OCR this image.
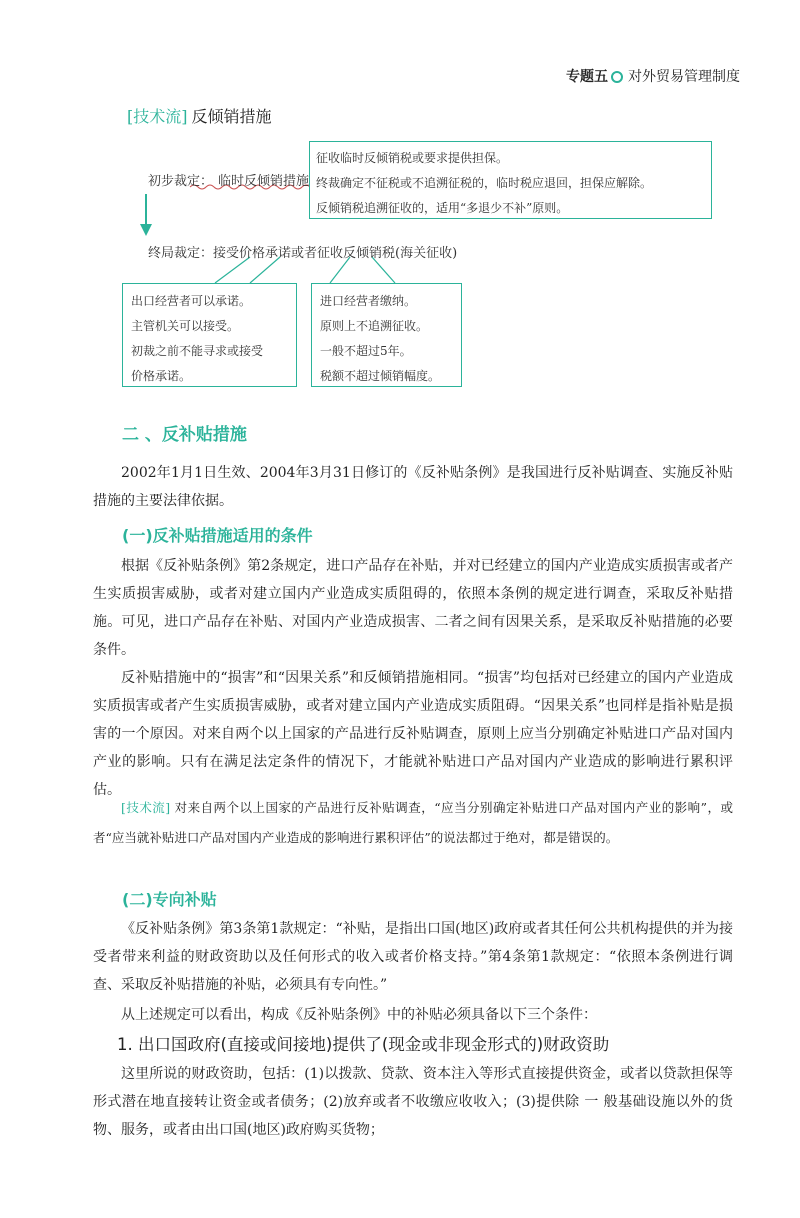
专题五 对外贸易管理制度
[技术流] 反倾销措施
初步裁定： 临时反倾销措施
征收临时反倾销税或要求提供担保。
终裁确定不征税或不追溯征税的，临时税应退回，担保应解除。
反倾销税追溯征收的，适用“多退少不补”原则。
终局裁定：接受价格承诺或者征收反倾销税(海关征收)
出口经营者可以承诺。
主管机关可以接受。
初裁之前不能寻求或接受
价格承诺。
进口经营者缴纳。
原则上不追溯征收。
一般不超过5年。
税额不超过倾销幅度。
二 、反补贴措施
2002年1月1日生效、2004年3月31日修订的《反补贴条例》是我国进行反补贴调查、实施反补贴措施的主要法律依据。
(一)反补贴措施适用的条件
根据《反补贴条例》第2条规定，进口产品存在补贴，并对已经建立的国内产业造成实质损害或者产生实质损害威胁，或者对建立国内产业造成实质阻碍的，依照本条例的规定进行调查，采取反补贴措施。可见，进口产品存在补贴、对国内产业造成损害、二者之间有因果关系，是采取反补贴措施的必要条件。
反补贴措施中的“损害”和“因果关系”和反倾销措施相同。“损害”均包括对已经建立的国内产业造成实质损害或者产生实质损害威胁，或者对建立国内产业造成实质阻碍。“因果关系”也同样是指补贴是损害的一个原因。对来自两个以上国家的产品进行反补贴调查，原则上应当分别确定补贴进口产品对国内产业的影响。只有在满足法定条件的情况下，才能就补贴进口产品对国内产业造成的影响进行累积评估。
[技术流] 对来自两个以上国家的产品进行反补贴调查，“应当分别确定补贴进口产品对国内产业的影响”，或者“应当就补贴进口产品对国内产业造成的影响进行累积评估”的说法都过于绝对，都是错误的。
(二)专向补贴
《反补贴条例》第3条第1款规定：“补贴，是指出口国(地区)政府或者其任何公共机构提供的并为接受者带来利益的财政资助以及任何形式的收入或者价格支持。”第4条第1款规定：“依照本条例进行调查、采取反补贴措施的补贴，必须具有专向性。”
从上述规定可以看出，构成《反补贴条例》中的补贴必须具备以下三个条件：
1. 出口国政府(直接或间接地)提供了(现金或非现金形式的)财政资助
这里所说的财政资助，包括：(1)以拨款、贷款、资本注入等形式直接提供资金，或者以贷款担保等形式潜在地直接转让资金或者债务；(2)放弃或者不收缴应收收入；(3)提供除 一 般基础设施以外的货物、服务，或者由出口国(地区)政府购买货物；
